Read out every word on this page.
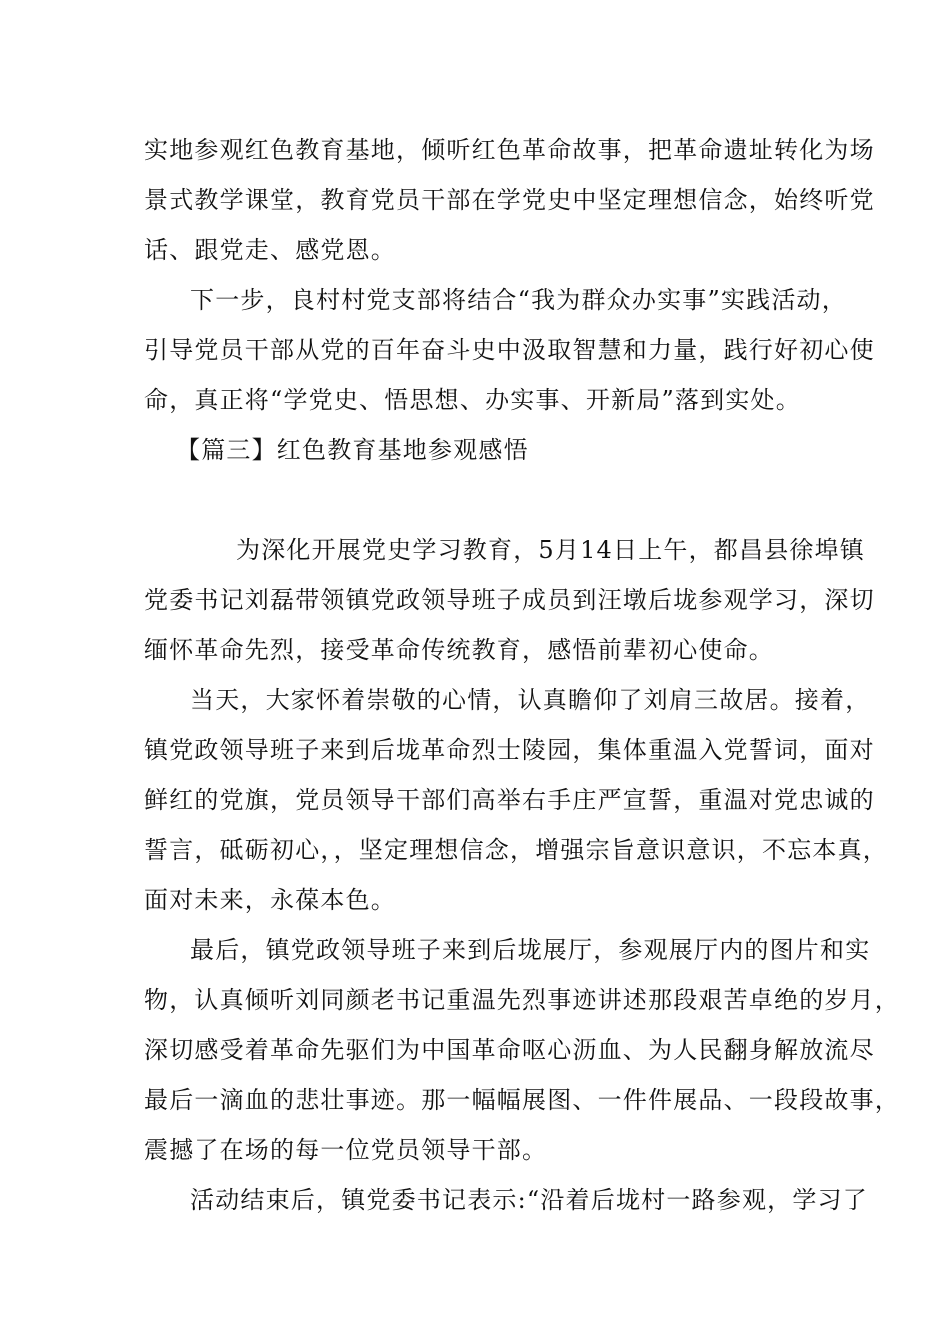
实地参观红色教育基地，倾听红色革命故事，把革命遗址转化为场
景式教学课堂，教育党员干部在学党史中坚定理想信念，始终听党
话、跟党走、感党恩。
下一步，良村村党支部将结合“我为群众办实事”实践活动，
引导党员干部从党的百年奋斗史中汲取智慧和力量，践行好初心使
命，真正将“学党史、悟思想、办实事、开新局”落到实处。
【篇三】红色教育基地参观感悟
为深化开展党史学习教育，5月14日上午，都昌县徐埠镇
党委书记刘磊带领镇党政领导班子成员到汪墩后垅参观学习，深切
缅怀革命先烈，接受革命传统教育，感悟前辈初心使命。
当天，大家怀着崇敬的心情，认真瞻仰了刘肩三故居。接着，
镇党政领导班子来到后垅革命烈士陵园，集体重温入党誓词，面对
鲜红的党旗，党员领导干部们高举右手庄严宣誓，重温对党忠诚的
誓言，砥砺初心，，坚定理想信念，增强宗旨意识意识，不忘本真，
面对未来，永葆本色。
最后，镇党政领导班子来到后垅展厅，参观展厅内的图片和实
物，认真倾听刘同颜老书记重温先烈事迹讲述那段艰苦卓绝的岁月，
深切感受着革命先驱们为中国革命呕心沥血、为人民翻身解放流尽
最后一滴血的悲壮事迹。那一幅幅展图、一件件展品、一段段故事，
震撼了在场的每一位党员领导干部。
活动结束后，镇党委书记表示:“沿着后垅村一路参观，学习了
